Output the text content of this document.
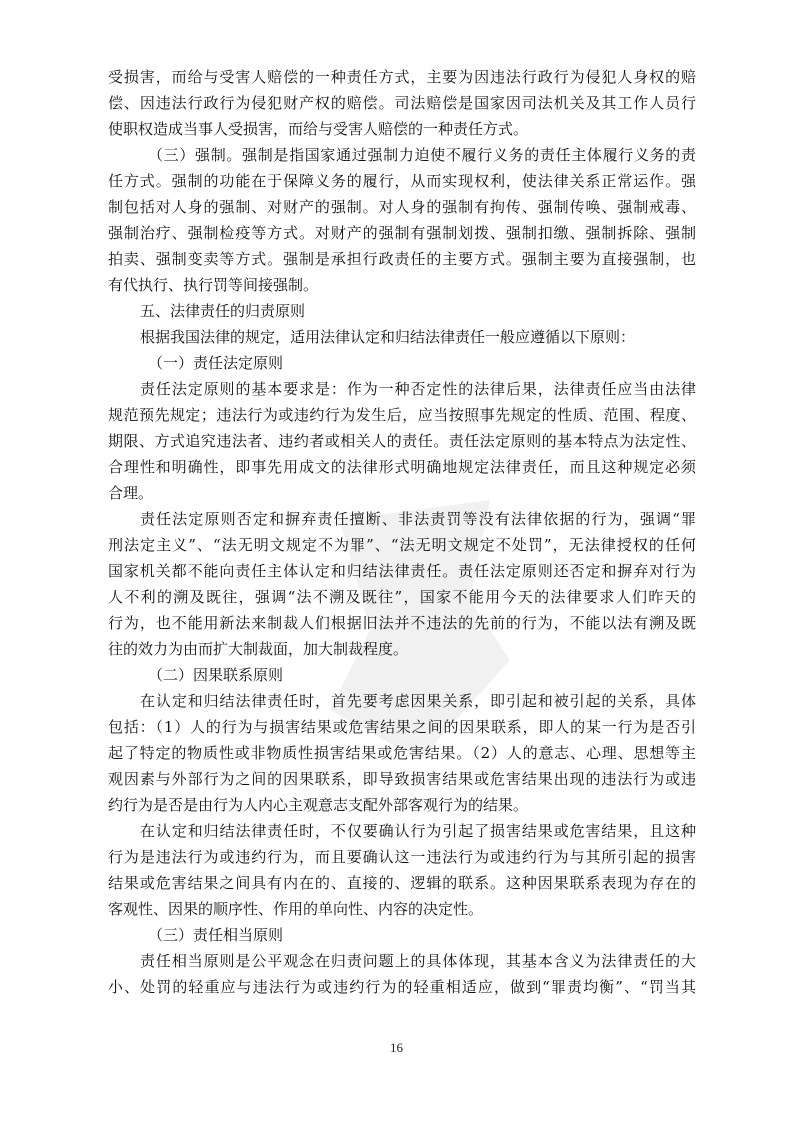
受损害，而给与受害人赔偿的一种责任方式，主要为因违法行政行为侵犯人身权的赔
偿、因违法行政行为侵犯财产权的赔偿。司法赔偿是国家因司法机关及其工作人员行
使职权造成当事人受损害，而给与受害人赔偿的一种责任方式。
（三）强制。强制是指国家通过强制力迫使不履行义务的责任主体履行义务的责
任方式。强制的功能在于保障义务的履行，从而实现权利，使法律关系正常运作。强
制包括对人身的强制、对财产的强制。对人身的强制有拘传、强制传唤、强制戒毒、
强制治疗、强制检疫等方式。对财产的强制有强制划拨、强制扣缴、强制拆除、强制
拍卖、强制变卖等方式。强制是承担行政责任的主要方式。强制主要为直接强制，也
有代执行、执行罚等间接强制。
五、法律责任的归责原则
根据我国法律的规定，适用法律认定和归结法律责任一般应遵循以下原则：
（一）责任法定原则
责任法定原则的基本要求是：作为一种否定性的法律后果，法律责任应当由法律
规范预先规定；违法行为或违约行为发生后，应当按照事先规定的性质、范围、程度、
期限、方式追究违法者、违约者或相关人的责任。责任法定原则的基本特点为法定性、
合理性和明确性，即事先用成文的法律形式明确地规定法律责任，而且这种规定必须
合理。
责任法定原则否定和摒弃责任擅断、非法责罚等没有法律依据的行为，强调“罪
刑法定主义”、“法无明文规定不为罪”、“法无明文规定不处罚”，无法律授权的任何
国家机关都不能向责任主体认定和归结法律责任。责任法定原则还否定和摒弃对行为
人不利的溯及既往，强调“法不溯及既往”，国家不能用今天的法律要求人们昨天的
行为，也不能用新法来制裁人们根据旧法并不违法的先前的行为，不能以法有溯及既
往的效力为由而扩大制裁面，加大制裁程度。
（二）因果联系原则
在认定和归结法律责任时，首先要考虑因果关系，即引起和被引起的关系，具体
包括：（1）人的行为与损害结果或危害结果之间的因果联系，即人的某一行为是否引
起了特定的物质性或非物质性损害结果或危害结果。（2）人的意志、心理、思想等主
观因素与外部行为之间的因果联系，即导致损害结果或危害结果出现的违法行为或违
约行为是否是由行为人内心主观意志支配外部客观行为的结果。
在认定和归结法律责任时，不仅要确认行为引起了损害结果或危害结果，且这种
行为是违法行为或违约行为，而且要确认这一违法行为或违约行为与其所引起的损害
结果或危害结果之间具有内在的、直接的、逻辑的联系。这种因果联系表现为存在的
客观性、因果的顺序性、作用的单向性、内容的决定性。
（三）责任相当原则
责任相当原则是公平观念在归责问题上的具体体现，其基本含义为法律责任的大
小、处罚的轻重应与违法行为或违约行为的轻重相适应，做到“罪责均衡”、“罚当其
16
